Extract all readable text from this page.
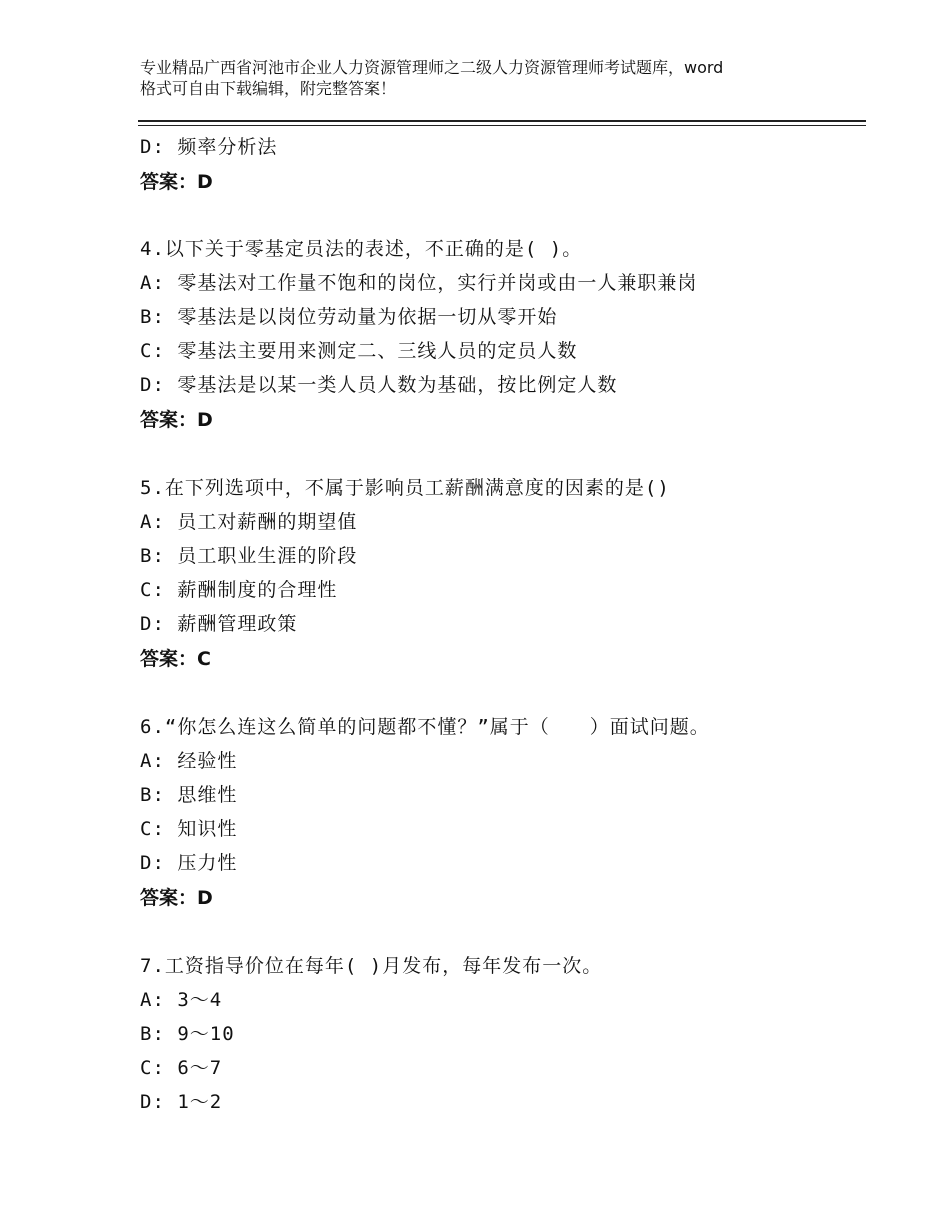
专业精品广西省河池市企业人力资源管理师之二级人力资源管理师考试题库，word
格式可自由下载编辑，附完整答案！
D: 频率分析法
答案：D
4.以下关于零基定员法的表述，不正确的是( )。
A: 零基法对工作量不饱和的岗位，实行并岗或由一人兼职兼岗
B: 零基法是以岗位劳动量为依据一切从零开始
C: 零基法主要用来测定二、三线人员的定员人数
D: 零基法是以某一类人员人数为基础，按比例定人数
答案：D
5.在下列选项中，不属于影响员工薪酬满意度的因素的是()
A: 员工对薪酬的期望值
B: 员工职业生涯的阶段
C: 薪酬制度的合理性
D: 薪酬管理政策
答案：C
6.“你怎么连这么简单的问题都不懂？”属于（　　）面试问题。
A: 经验性
B: 思维性
C: 知识性
D: 压力性
答案：D
7.工资指导价位在每年( )月发布，每年发布一次。
A: 3～4
B: 9～10
C: 6～7
D: 1～2
